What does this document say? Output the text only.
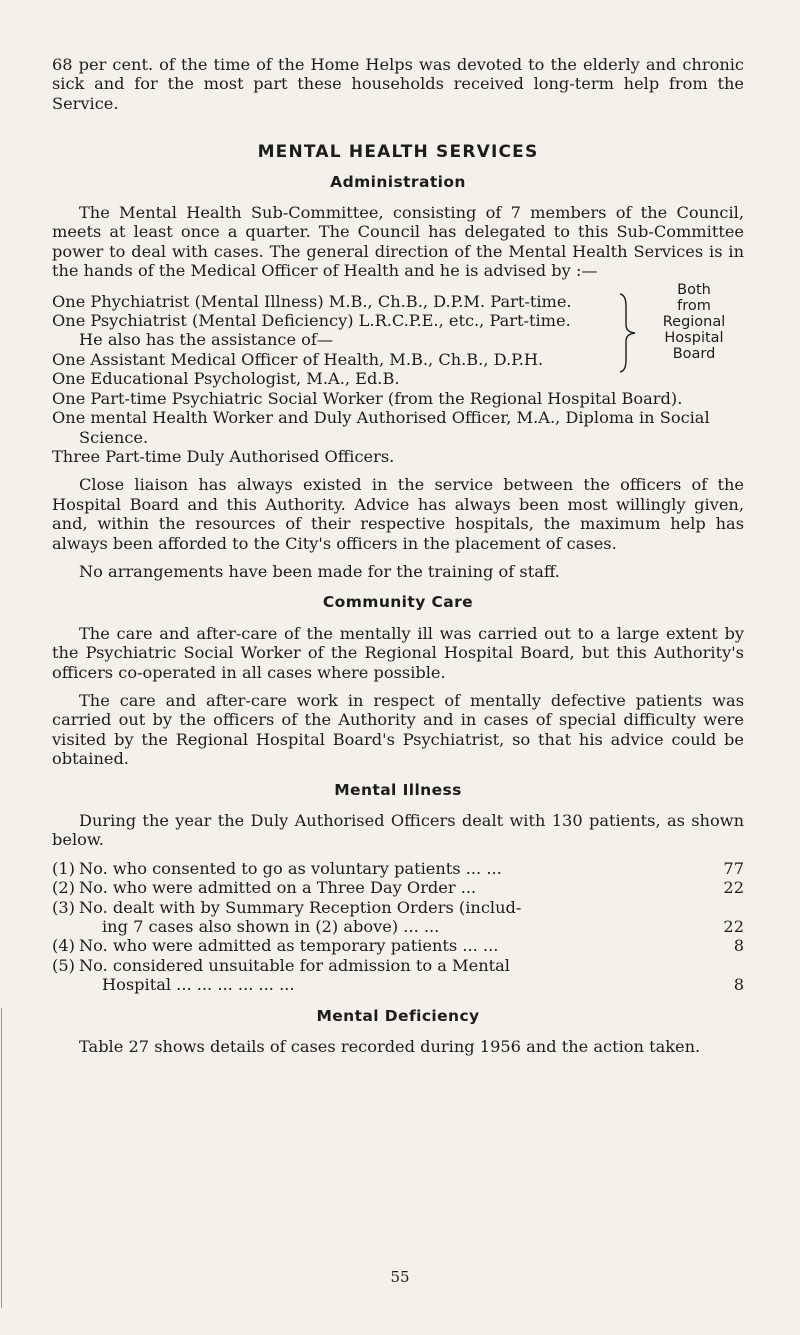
68 per cent. of the time of the Home Helps was devoted to the elderly and chronic sick and for the most part these households received long-term help from the Service.

MENTAL HEALTH SERVICES
Administration

The Mental Health Sub-Committee, consisting of 7 members of the Council, meets at least once a quarter. The Council has delegated to this Sub-Committee power to deal with cases. The general direction of the Mental Health Services is in the hands of the Medical Officer of Health and he is advised by :—

One Phychiatrist (Mental Illness) M.B., Ch.B., D.P.M. Part-time.

One Psychiatrist (Mental Deficiency) L.R.C.P.E., etc., Part-time.

Both
from
Regional
Hospital
Board

He also has the assistance of—

One Assistant Medical Officer of Health, M.B., Ch.B., D.P.H.

One Educational Psychologist, M.A., Ed.B.

One Part-time Psychiatric Social Worker (from the Regional Hospital Board).

One mental Health Worker and Duly Authorised Officer, M.A., Diploma in Social Science.

Three Part-time Duly Authorised Officers.

Close liaison has always existed in the service between the officers of the Hospital Board and this Authority. Advice has always been most willingly given, and, within the resources of their respective hospitals, the maximum help has always been afforded to the City's officers in the placement of cases.

No arrangements have been made for the training of staff.

Community Care

The care and after-care of the mentally ill was carried out to a large extent by the Psychiatric Social Worker of the Regional Hospital Board, but this Authority's officers co-operated in all cases where possible.

The care and after-care work in respect of mentally defective patients was carried out by the officers of the Authority and in cases of special difficulty were visited by the Regional Hospital Board's Psychiatrist, so that his advice could be obtained.

Mental Illness

During the year the Duly Authorised Officers dealt with 130 patients, as shown below.

(1) No. who consented to go as voluntary patients ... ...	77
(2) No. who were admitted on a Three Day Order ...	22
(3) No. dealt with by Summary Reception Orders (includ-
ing 7 cases also shown in (2) above) ... ...	22
(4) No. who were admitted as temporary patients ... ...	8
(5) No. considered unsuitable for admission to a Mental
Hospital ... ... ... ... ... ...	8
Mental Deficiency

Table 27 shows details of cases recorded during 1956 and the action taken.

55
